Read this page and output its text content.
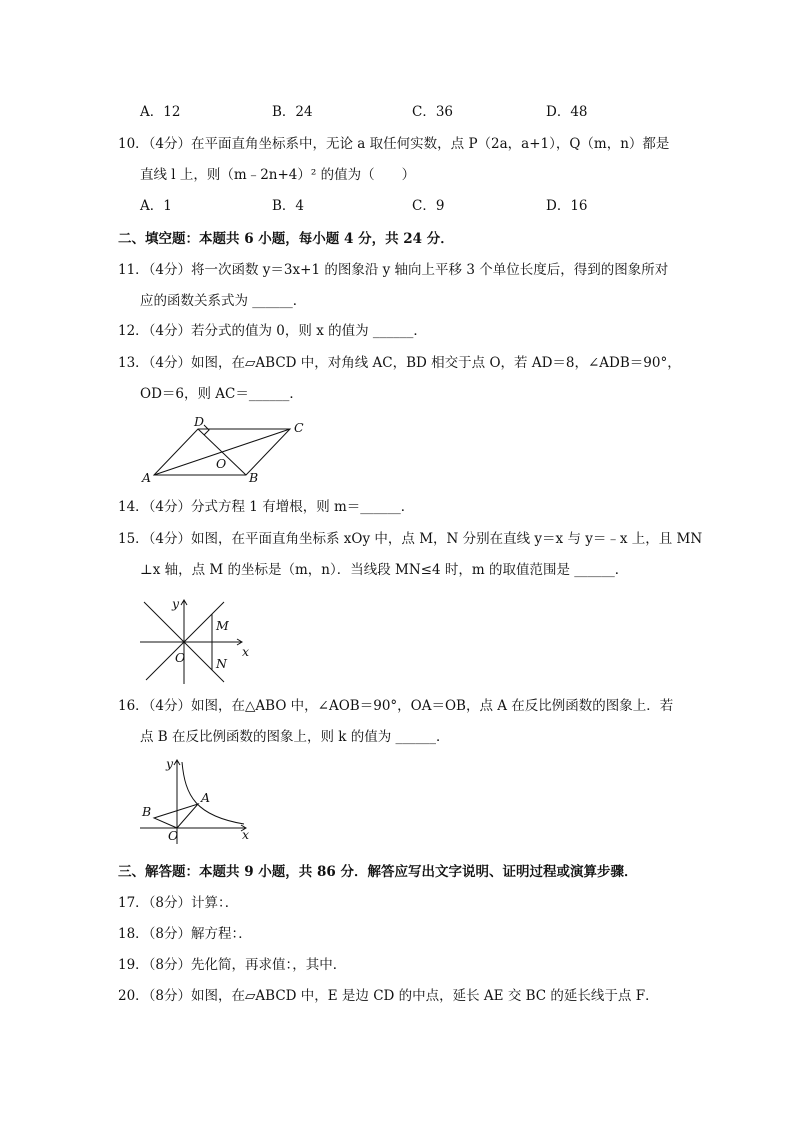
A．12	B．24	C．36	D．48
10．（4分）在平面直角坐标系中，无论 a 取任何实数，点 P（2a，a+1），Q（m，n）都是
直线 l 上，则（m﹣2n+4）² 的值为（　　）
A．1	B．4	C．9	D．16
二、填空题：本题共 6 小题，每小题 4 分，共 24 分．
11．（4分）将一次函数 y＝3x+1 的图象沿 y 轴向上平移 3 个单位长度后，得到的图象所对
应的函数关系式为 ______．
12．（4分）若分式的值为 0，则 x 的值为 ______．
13．（4分）如图，在▱ABCD 中，对角线 AC，BD 相交于点 O，若 AD＝8，∠ADB＝90°，
OD＝6，则 AC＝______．
D	C
A	B
O
14．（4分）分式方程 1 有增根，则 m＝______．
15．（4分）如图，在平面直角坐标系 xOy 中，点 M，N 分别在直线 y＝x 与 y＝﹣x 上，且 MN
⊥x 轴，点 M 的坐标是（m，n）．当线段 MN≤4 时，m 的取值范围是 ______．
y
x
O
M
N
16．（4分）如图，在△ABO 中，∠AOB＝90°，OA＝OB，点 A 在反比例函数的图象上．若
点 B 在反比例函数的图象上，则 k 的值为 ______．
y
x
O
A
B
三、解答题：本题共 9 小题，共 86 分．解答应写出文字说明、证明过程或演算步骤．
17．（8分）计算：．
18．（8分）解方程：．
19．（8分）先化简，再求值：，其中．
20．（8分）如图，在▱ABCD 中，E 是边 CD 的中点，延长 AE 交 BC 的延长线于点 F．
